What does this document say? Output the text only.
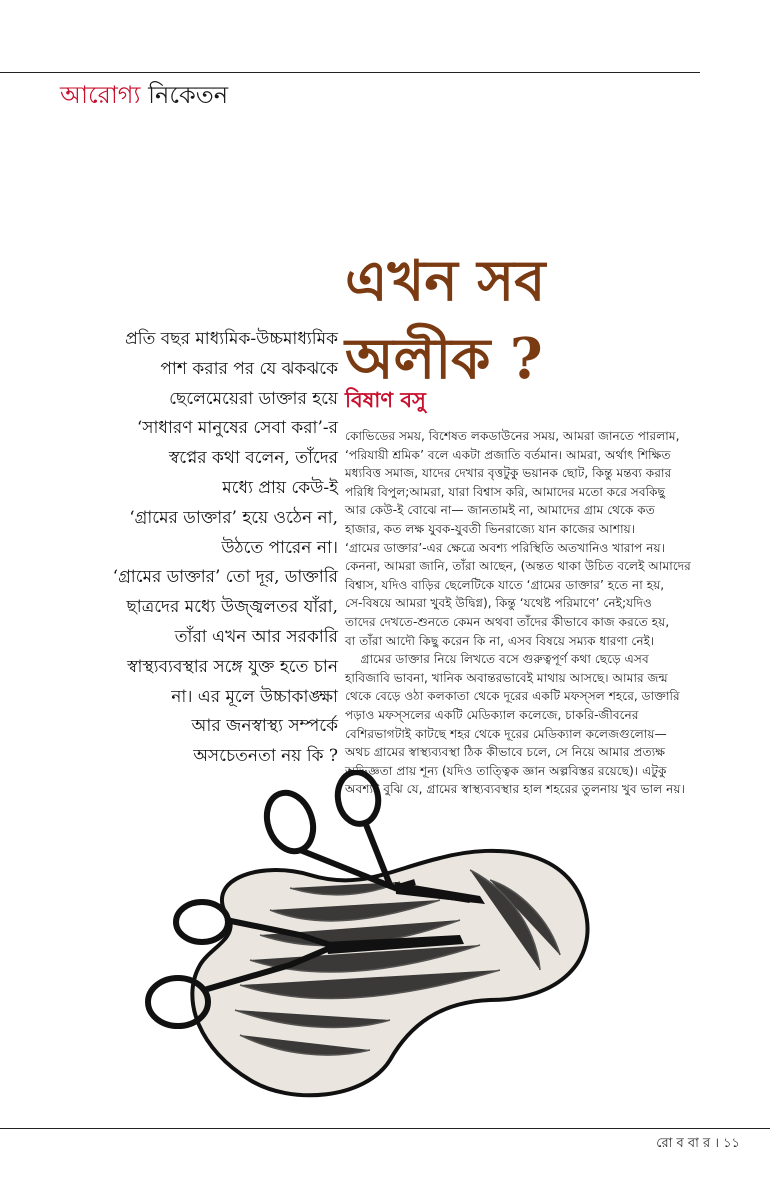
আরোগ্য নিকেতন
এখন সব
অলীক ?
বিষাণ বসু
প্রতি বছর মাধ্যমিক-উচ্চমাধ্যমিক
পাশ করার পর যে ঝকঝকে
ছেলেমেয়েরা ডাক্তার হয়ে
‘সাধারণ মানুষের সেবা করা’-র
স্বপ্নের কথা বলেন, তাঁদের
মধ্যে প্রায় কেউ-ই
‘গ্রামের ডাক্তার’ হয়ে ওঠেন না,
উঠতে পারেন না।
‘গ্রামের ডাক্তার’ তো দূর, ডাক্তারি
ছাত্রদের মধ্যে উজ্জ্বলতর যাঁরা,
তাঁরা এখন আর সরকারি
স্বাস্থ্যব্যবস্থার সঙ্গে যুক্ত হতে চান
না। এর মূলে উচ্চাকাঙ্ক্ষা
আর জনস্বাস্থ্য সম্পর্কে
অসচেতনতা নয় কি ?
কোভিডের সময়, বিশেষত লকডাউনের সময়, আমরা জানতে পারলাম,
‘পরিযায়ী শ্রমিক’ বলে একটা প্রজাতি বর্তমান। আমরা, অর্থাৎ শিক্ষিত
মধ্যবিত্ত সমাজ, যাদের দেখার বৃত্তটুকু ভয়ানক ছোট, কিন্তু মন্তব্য করার
পরিধি বিপুল;আমরা, যারা বিশ্বাস করি, আমাদের মতো করে সবকিছু
আর কেউ-ই বোঝে না— জানতামই না, আমাদের গ্রাম থেকে কত
হাজার, কত লক্ষ যুবক-যুবতী ভিনরাজ্যে যান কাজের আশায়।
‘গ্রামের ডাক্তার’-এর ক্ষেত্রে অবশ্য পরিস্থিতি অতখানিও খারাপ নয়।
কেননা, আমরা জানি, তাঁরা আছেন, (অন্তত থাকা উচিত বলেই আমাদের
বিশ্বাস, যদিও বাড়ির ছেলেটিকে যাতে ‘গ্রামের ডাক্তার’ হতে না হয়,
সে-বিষয়ে আমরা খুবই উদ্বিগ্ন), কিন্তু ‘যথেষ্ট পরিমাণে’ নেই;যদিও
তাদের দেখতে-শুনতে কেমন অথবা তাঁদের কীভাবে কাজ করতে হয়,
বা তাঁরা আদৌ কিছু করেন কি না, এসব বিষয়ে সম্যক ধারণা নেই।
গ্রামের ডাক্তার নিয়ে লিখতে বসে গুরুত্বপূর্ণ কথা ছেড়ে এসব
হাবিজাবি ভাবনা, খানিক অবান্তরভাবেই মাথায় আসছে। আমার জন্ম
থেকে বেড়ে ওঠা কলকাতা থেকে দূরের একটি মফস্‌সল শহরে, ডাক্তারি
পড়াও মফস্‌সলের একটি মেডিক্যাল কলেজে, চাকরি-জীবনের
বেশিরভাগটাই কাটছে শহর থেকে দূরের মেডিক্যাল কলেজগুলোয়—
অথচ গ্রামের স্বাস্থ্যব্যবস্থা ঠিক কীভাবে চলে, সে নিয়ে আমার প্রত্যক্ষ
অভিজ্ঞতা প্রায় শূন্য (যদিও তাত্ত্বিক জ্ঞান অল্পবিস্তর রয়েছে)। এটুকু
অবশ্যই বুঝি যে, গ্রামের স্বাস্থ্যব্যবস্থার হাল শহরের তুলনায় খুব ভাল নয়।
রো ব বা র । ১১
